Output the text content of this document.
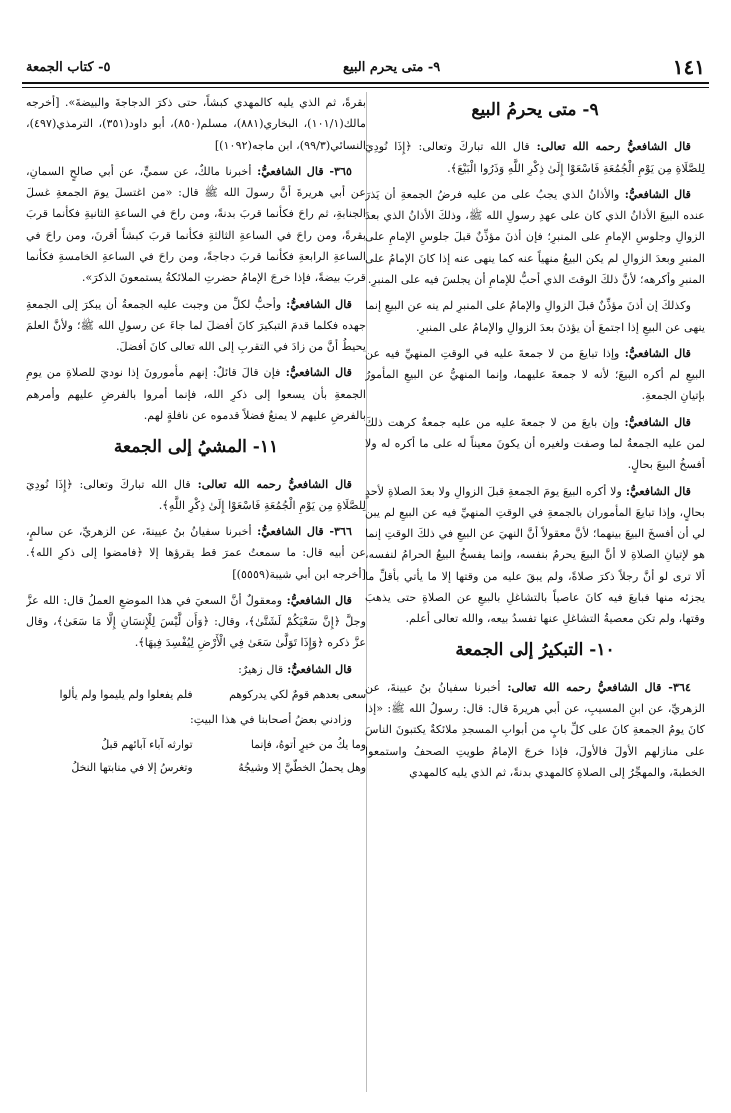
١٤١
٩- متى يحرم البيع
٥- كتاب الجمعة
٩- متى يحرمُ البيع

قال الشافعيُّ رحمه الله تعالى: قال الله تباركَ وتعالى: ﴿إِذَا نُودِيَ لِلصَّلَاةِ مِن يَوْمِ الْجُمُعَةِ فَاسْعَوْا إِلَىٰ ذِكْرِ اللَّهِ وَذَرُوا الْبَيْعَ﴾.

قال الشافعيُّ: والأذانُ الذي يجبُ على من عليه فرضُ الجمعةِ أن يَذرَ عنده البيعَ الأذانُ الذي كان على عهدِ رسولِ الله ﷺ، وذلكَ الأذانُ الذي بعدَ الزوالِ وجلوسِ الإمامِ على المنبرِ؛ فإن أذنَ مؤذِّنٌ قبلَ جلوسِ الإمامِ على المنبرِ وبعدَ الزوالِ لم يكن البيعُ منهياً عنه كما ينهى عنه إذا كانَ الإمامُ على المنبرِ وأكرهه؛ لأنَّ ذلكَ الوقتَ الذي أحبُّ للإمامِ أن يجلسَ فيه على المنبرِ.

وكذلكَ إن أذنَ مؤذِّنٌ قبلَ الزوالِ والإمامُ على المنبرِ لم ينه عن البيعِ إنما ينهى عن البيعِ إذا اجتمعَ أن يؤذنَ بعدَ الزوالِ والإمامُ على المنبرِ.

قال الشافعيُّ: وإذا تبايعَ من لا جمعةَ عليه في الوقتِ المنهيِّ فيه عن البيعِ لم أكره البيعَ؛ لأنه لا جمعةَ عليهما، وإنما المنهيُّ عن البيعِ المأمورُ بإتيانِ الجمعةِ.

قال الشافعيُّ: وإن بايعَ من لا جمعةَ عليه من عليه جمعةٌ كرهت ذلكَ لمن عليه الجمعةُ لما وصفت ولغيره أن يكونَ معيناً له على ما أكره له ولا أفسخُ البيعَ بحالٍ.

قال الشافعيُّ: ولا أكره البيعَ يومَ الجمعةِ قبلَ الزوالِ ولا بعدَ الصلاةِ لأحدٍ بحالٍ، وإذا تبايعَ المأموران بالجمعةِ في الوقتِ المنهيِّ فيه عن البيعِ لم يبن لي أن أفسخَ البيعَ بينهما؛ لأنَّ معقولاً أنَّ النهيَ عن البيعِ في ذلكَ الوقتِ إنما هو لإتيانِ الصلاةِ لا أنَّ البيعَ يحرمُ بنفسه، وإنما يفسخُ البيعُ الحرامُ لنفسه، ألا ترى لو أنَّ رجلاً ذكرَ صلاةً، ولم يبقَ عليه من وقتها إلا ما يأتي بأقلِّ ما يجزئه منها فبايعَ فيه كانَ عاصياً بالتشاغلِ بالبيعِ عن الصلاةِ حتى يذهبَ وقتها، ولم تكن معصيةُ التشاغلِ عنها تفسدُ بيعه، والله تعالى أعلم.

١٠- التبكيرُ إلى الجمعة

٣٦٤- قال الشافعيُّ رحمه الله تعالى: أخبرنا سفيانُ بنُ عيينةَ، عن الزهريِّ، عن ابنِ المسيبِ، عن أبي هريرةَ قال: قال: رسولُ الله ﷺ: «إذا كانَ يومُ الجمعةِ كانَ على كلِّ بابٍ من أبوابِ المسجدِ ملائكةٌ يكتبونَ الناسَ على منازلهم الأولَ فالأولَ، فإذا خرجَ الإمامُ طويتِ الصحفُ واستمعوا الخطبةَ، والمهجِّرُ إلى الصلاةِ كالمهدي بدنةً، ثم الذي يليه كالمهدي

بقرةً، ثم الذي يليه كالمهدي كبشاً، حتى ذكرَ الدجاجةَ والبيضةَ». [أخرجه مالك(١٠١/١)، البخاري(٨٨١)، مسلم(٨٥٠)، أبو داود(٣٥١)، الترمذي(٤٩٧)، النسائي(٩٩/٣)، ابن ماجه(١٠٩٢)]

٣٦٥- قال الشافعيُّ: أخبرنا مالكٌ، عن سميٍّ، عن أبي صالحٍ السمانِ، عن أبي هريرةَ أنَّ رسولَ الله ﷺ قال: «من اغتسلَ يومَ الجمعةِ غسلَ الجنابةِ، ثم راحَ فكأنما قربَ بدنةً، ومن راحَ في الساعةِ الثانيةِ فكأنما قربَ بقرةً، ومن راحَ في الساعةِ الثالثةِ فكأنما قربَ كبشاً أقرنَ، ومن راحَ في الساعةِ الرابعةِ فكأنما قربَ دجاجةً، ومن راحَ في الساعةِ الخامسةِ فكأنما قربَ بيضةً، فإذا خرجَ الإمامُ حضرتِ الملائكةُ يستمعونَ الذكرَ».

قال الشافعيُّ: وأحبُّ لكلِّ من وجبت عليه الجمعةُ أن يبكرَ إلى الجمعةِ جهده فكلما قدمَ التبكيرَ كانَ أفضلَ لما جاءَ عن رسولِ الله ﷺ؛ ولأنَّ العلمَ يحيطُ أنَّ من زادَ في التقربِ إلى الله تعالى كانَ أفضلَ.

قال الشافعيُّ: فإن قالَ قائلٌ: إنهم مأمورونَ إذا نوديَ للصلاةِ من يومِ الجمعةِ بأن يسعوا إلى ذكرِ الله، فإنما أمروا بالفرضِ عليهم وأمرهم بالفرضِ عليهم لا يمنعُ فضلاً قدموه عن نافلةٍ لهم.

١١- المشيُ إلى الجمعة

قال الشافعيُّ رحمه الله تعالى: قال الله تباركَ وتعالى: ﴿إِذَا نُودِيَ لِلصَّلَاةِ مِن يَوْمِ الْجُمُعَةِ فَاسْعَوْا إِلَىٰ ذِكْرِ اللَّهِ﴾.

٣٦٦- قال الشافعيُّ: أخبرنا سفيانُ بنُ عيينةَ، عن الزهريِّ، عن سالمٍ، عن أبيه قال: ما سمعتُ عمرَ قط يقرؤها إلا ﴿فامضوا إلى ذكرِ الله﴾. [أخرجه ابن أبي شيبة(٥٥٥٩)]

قال الشافعيُّ: ومعقولٌ أنَّ السعيَ في هذا الموضعِ العملُ قال: الله عزَّ وجلَّ ﴿إِنَّ سَعْيَكُمْ لَشَتَّىٰ﴾، وقال: ﴿وَأَن لَّيْسَ لِلْإِنسَانِ إِلَّا مَا سَعَىٰ﴾، وقال عزَّ ذكره ﴿وَإِذَا تَوَلَّىٰ سَعَىٰ فِي الْأَرْضِ لِيُفْسِدَ فِيهَا﴾.

قال الشافعيُّ: قال زهيرٌ:

سعى بعدهم قومٌ لكي يدركوهم
فلم يفعلوا ولم يليموا ولم يألوا

وزادني بعضُ أصحابنا في هذا البيتِ:

وما يكُ من خيرٍ أتوهُ، فإنما
توارثه آباء آبائهم قبلُ
وهل يحملُ الخطّيَّ إلا وشيجُهُ
وتغرسُ إلا في منابتها النخلُ
